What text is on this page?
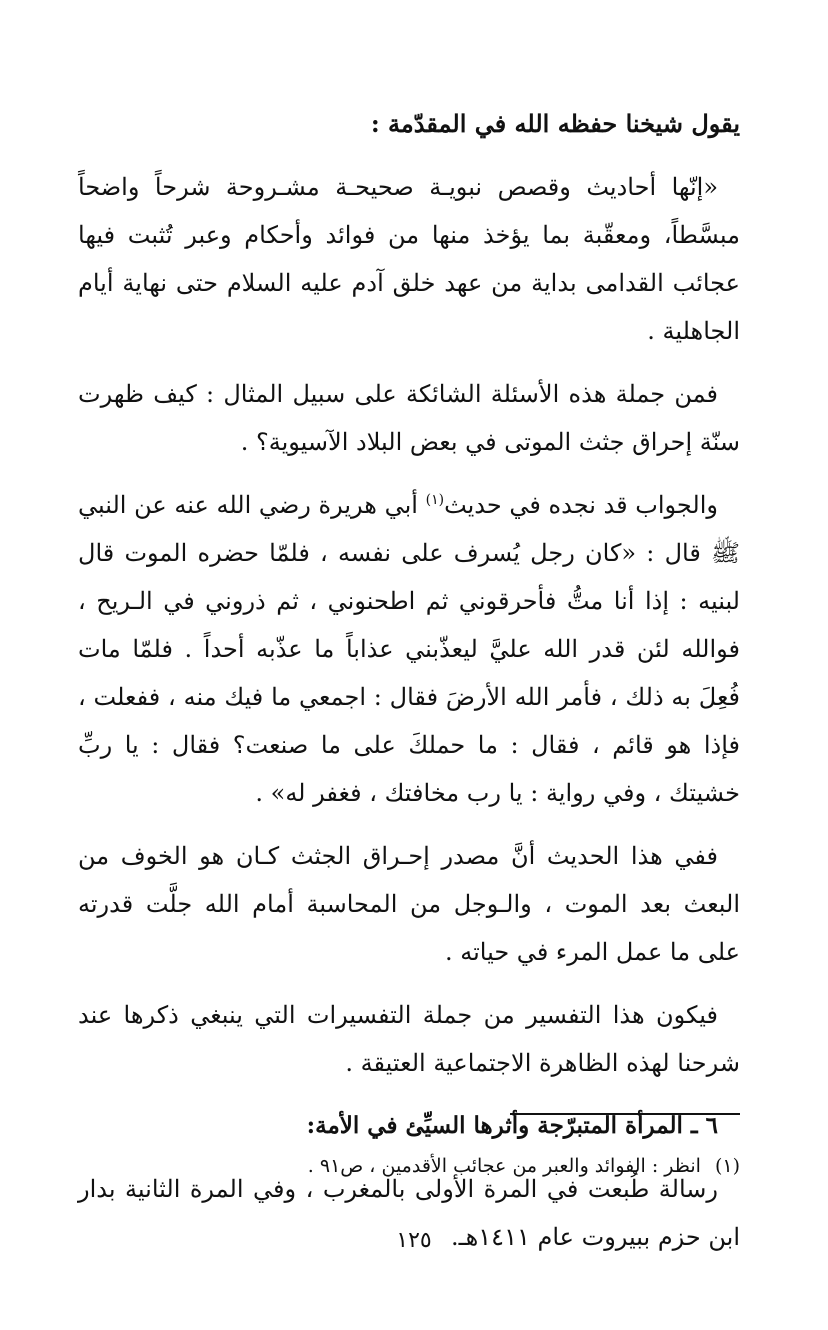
يقول شيخنا حفظه الله في المقدّمة :

«إنّها أحاديث وقصص نبويـة صحيحـة مشـروحة شرحاً واضحاً مبسَّطاً، ومعقّبة بما يؤخذ منها من فوائد وأحكام وعبر تُثبت فيها عجائب القدامى بداية من عهد خلق آدم عليه السلام حتى نهاية أيام الجاهلية .

فمن جملة هذه الأسئلة الشائكة على سبيل المثال : كيف ظهرت سنّة إحراق جثث الموتى في بعض البلاد الآسيوية؟ .

والجواب قد نجده في حديث$^{(١)}$ أبي هريرة رضي الله عنه عن النبي ﷺ قال : «كان رجل يُسرف على نفسه ، فلمّا حضره الموت قال لبنيه : إذا أنا متُّ فأحرقوني ثم اطحنوني ، ثم ذروني في الـريح ، فوالله لئن قدر الله عليَّ ليعذّبني عذاباً ما عذّبه أحداً . فلمّا مات فُعِلَ به ذلك ، فأمر الله الأرضَ فقال : اجمعي ما فيك منه ، ففعلت ، فإذا هو قائم ، فقال : ما حملكَ على ما صنعت؟ فقال : يا ربِّ خشيتك ، وفي رواية : يا رب مخافتك ، فغفر له» .

ففي هذا الحديث أنَّ مصدر إحـراق الجثث كـان هو الخوف من البعث بعد الموت ، والـوجل من المحاسبة أمام الله جلَّت قدرته على ما عمل المرء في حياته .

فيكون هذا التفسير من جملة التفسيرات التي ينبغي ذكرها عند شرحنا لهذه الظاهرة الاجتماعية العتيقة .

٦ ـ المرأة المتبرّجة وأثرها السيِّئ في الأمة:

رسالة طُبعت في المرة الأولى بالمغرب ، وفي المرة الثانية بدار ابن حزم ببيروت عام ١٤١١هـ.

(١)انظر : الفوائد والعبر من عجائب الأقدمين ، ص٩١ .
١٢٥
